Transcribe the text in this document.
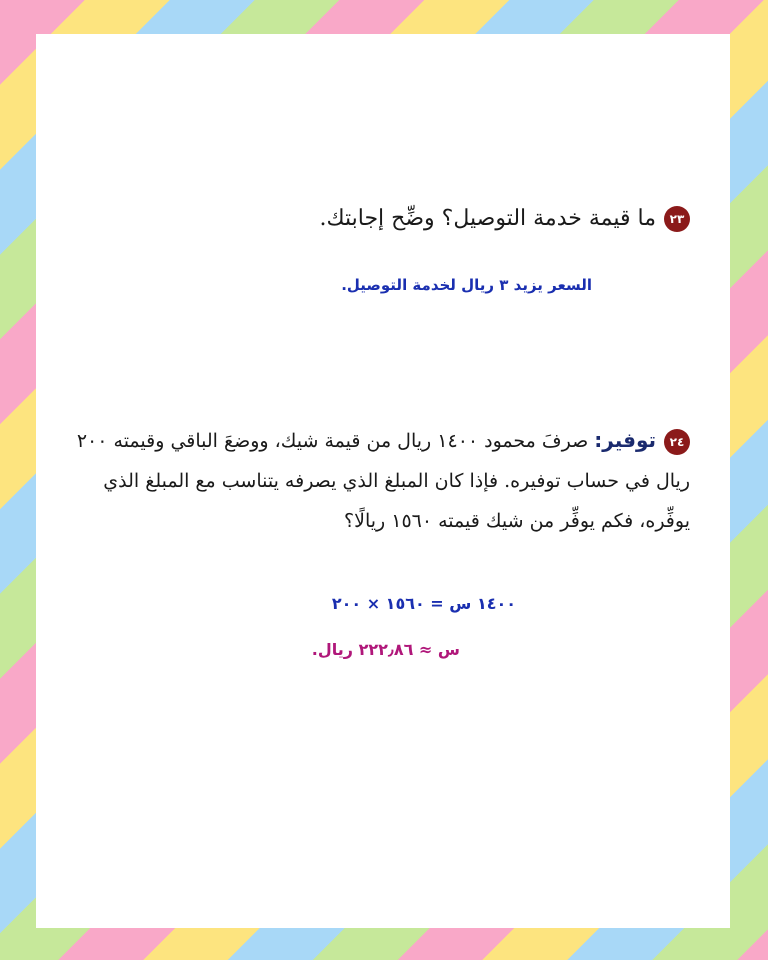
٢٣ما قيمة خدمة التوصيل؟ وضِّح إجابتك.
السعر يزيد ٣ ريال لخدمة التوصيل.
٢٤توفير: صرفَ محمود ١٤٠٠ ريال من قيمة شيك، ووضعَ الباقي وقيمته ٢٠٠ ريال في حساب توفيره. فإذا كان المبلغ الذي يصرفه يتناسب مع المبلغ الذي يوفِّره، فكم يوفِّر من شيك قيمته ١٥٦٠ ريالًا؟
١٤٠٠ س = ١٥٦٠ × ٢٠٠
س ≈ ٢٢٢٫٨٦ ريال.
